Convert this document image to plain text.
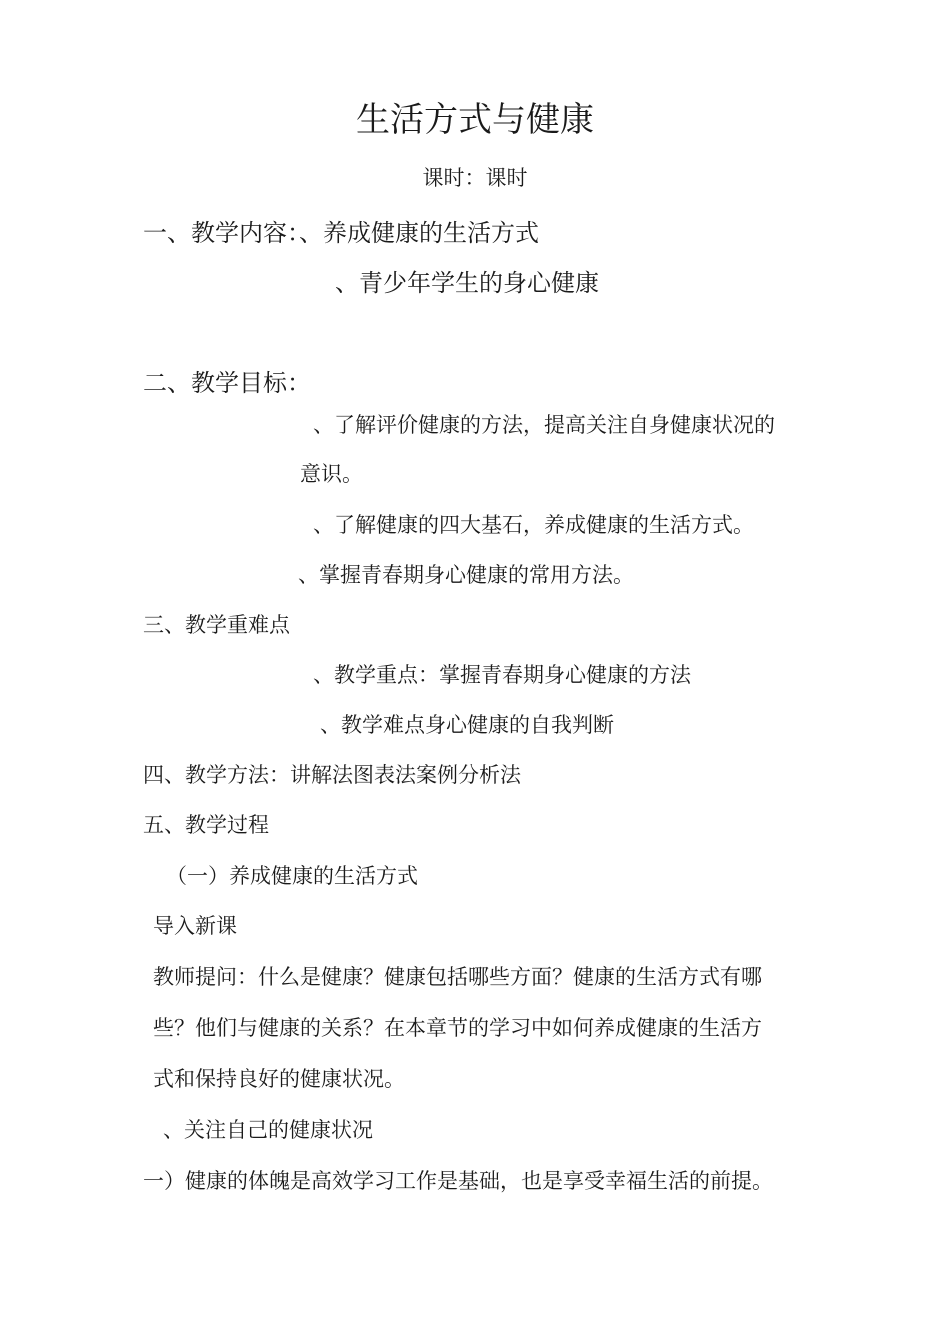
生活方式与健康
课时：课时
一、教学内容：、养成健康的生活方式
、青少年学生的身心健康
二、教学目标：
、了解评价健康的方法，提高关注自身健康状况的
意识。
、了解健康的四大基石，养成健康的生活方式。
、掌握青春期身心健康的常用方法。
三、教学重难点
、教学重点：掌握青春期身心健康的方法
、教学难点身心健康的自我判断
四、教学方法：讲解法图表法案例分析法
五、教学过程
（一）养成健康的生活方式
导入新课
教师提问：什么是健康？健康包括哪些方面？健康的生活方式有哪
些？他们与健康的关系？在本章节的学习中如何养成健康的生活方
式和保持良好的健康状况。
、关注自己的健康状况
一）健康的体魄是高效学习工作是基础，也是享受幸福生活的前提。
